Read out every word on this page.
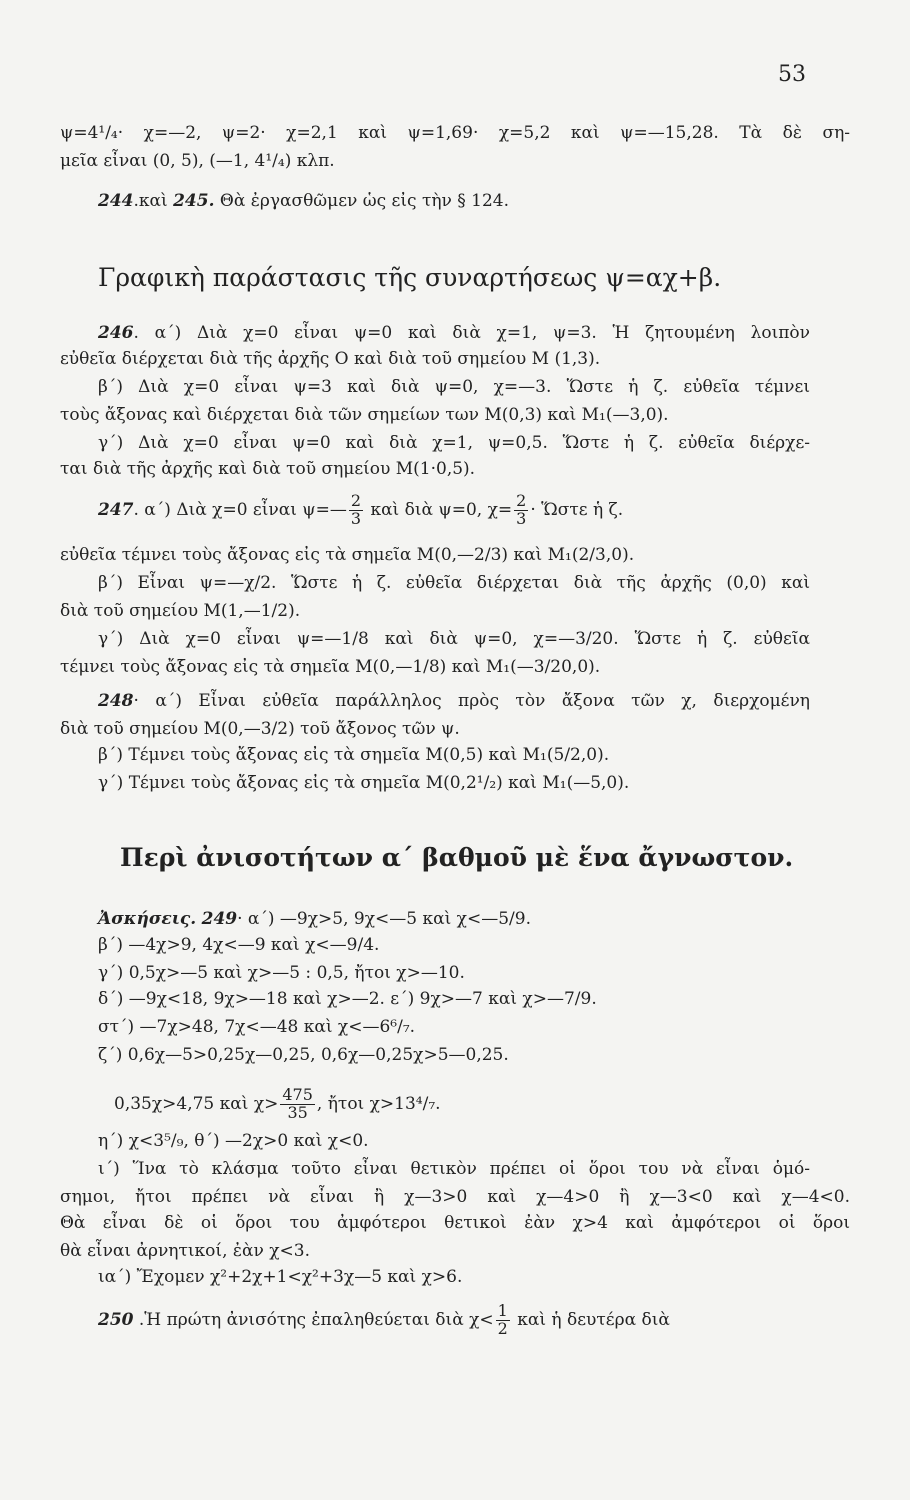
53
ψ=4¹/₄· χ=—2, ψ=2· χ=2,1 καὶ ψ=1,69· χ=5,2 καὶ ψ=—15,28. Τὰ δὲ ση-
μεῖα εἶναι (0, 5), (—1, 4¹/₄) κλπ.
244.καὶ 245. Θὰ ἐργασθῶμεν ὡς εἰς τὴν § 124.
Γραφικὴ παράστασις τῆς συναρτήσεως ψ=αχ+β.
246. α΄) Διὰ χ=0 εἶναι ψ=0 καὶ διὰ χ=1, ψ=3. Ἡ ζητουμένη λοιπὸν
εὐθεῖα διέρχεται διὰ τῆς ἀρχῆς Ο καὶ διὰ τοῦ σημείου Μ (1,3).
β΄) Διὰ χ=0 εἶναι ψ=3 καὶ διὰ ψ=0, χ=—3. Ὥστε ἡ ζ. εὐθεῖα τέμνει
τοὺς ἄξονας καὶ διέρχεται διὰ τῶν σημείων των Μ(0,3) καὶ Μ₁(—3,0).
γ΄) Διὰ χ=0 εἶναι ψ=0 καὶ διὰ χ=1, ψ=0,5. Ὥστε ἡ ζ. εὐθεῖα διέρχε-
ται διὰ τῆς ἀρχῆς καὶ διὰ τοῦ σημείου Μ(1·0,5).
247. α΄) Διὰ χ=0 εἶναι ψ=— $\frac{2}{3}$ καὶ διὰ ψ=0, $\chi= \frac{2}{3}$ · Ὥστε ἡ ζ.
εὐθεῖα τέμνει τοὺς ἄξονας εἰς τὰ σημεῖα Μ(0,—2/3) καὶ Μ₁(2/3,0).
β΄) Εἶναι ψ=—χ/2. Ὥστε ἡ ζ. εὐθεῖα διέρχεται διὰ τῆς ἀρχῆς (0,0) καὶ
διὰ τοῦ σημείου Μ(1,—1/2).
γ΄) Διὰ χ=0 εἶναι ψ=—1/8 καὶ διὰ ψ=0, χ=—3/20. Ὥστε ἡ ζ. εὐθεῖα
τέμνει τοὺς ἄξονας εἰς τὰ σημεῖα Μ(0,—1/8) καὶ Μ₁(—3/20,0).
248· α΄) Εἶναι εὐθεῖα παράλληλος πρὸς τὸν ἄξονα τῶν χ, διερχομένη
διὰ τοῦ σημείου Μ(0,—3/2) τοῦ ἄξονος τῶν ψ.
β΄) Τέμνει τοὺς ἄξονας εἰς τὰ σημεῖα Μ(0,5) καὶ Μ₁(5/2,0).
γ΄) Τέμνει τοὺς ἄξονας εἰς τὰ σημεῖα Μ(0,2¹/₂) καὶ Μ₁(—5,0).
Περὶ ἀνισοτήτων α΄ βαθμοῦ μὲ ἕνα ἄγνωστον.
Ἀσκήσεις. 249· α΄) —9χ>5, 9χ<—5 καὶ χ<—5/9.
β΄) —4χ>9, 4χ<—9 καὶ χ<—9/4.
γ΄) 0,5χ>—5 καὶ χ>—5 : 0,5, ἤτοι χ>—10.
δ΄) —9χ<18, 9χ>—18 καὶ χ>—2. ε΄) 9χ>—7 καὶ χ>—7/9.
στ΄) —7χ>48, 7χ<—48 καὶ χ<—6⁶/₇.
ζ΄) 0,6χ—5>0,25χ—0,25, 0,6χ—0,25χ>5—0,25.
0,35χ>4,75 καὶ $\chi> \frac{475}{35}$ , ἤτοι χ>13⁴/₇.
η΄) χ<3⁵/₉, θ΄) —2χ>0 καὶ χ<0.
ι΄) Ἵνα τὸ κλάσμα τοῦτο εἶναι θετικὸν πρέπει οἱ ὅροι του νὰ εἶναι ὁμό-
σημοι, ἤτοι πρέπει νὰ εἶναι ἢ χ—3>0 καὶ χ—4>0 ἢ χ—3<0 καὶ χ—4<0.
Θὰ εἶναι δὲ οἱ ὅροι του ἀμφότεροι θετικοὶ ἐὰν χ>4 καὶ ἀμφότεροι οἱ ὅροι
θὰ εἶναι ἀρνητικοί, ἐὰν χ<3.
ια΄) Ἔχομεν χ²+2χ+1<χ²+3χ—5 καὶ χ>6.
250 .Ἡ πρώτη ἀνισότης ἐπαληθεύεται διὰ $\chi< \frac{1}{2}$ καὶ ἡ δευτέρα διὰ
